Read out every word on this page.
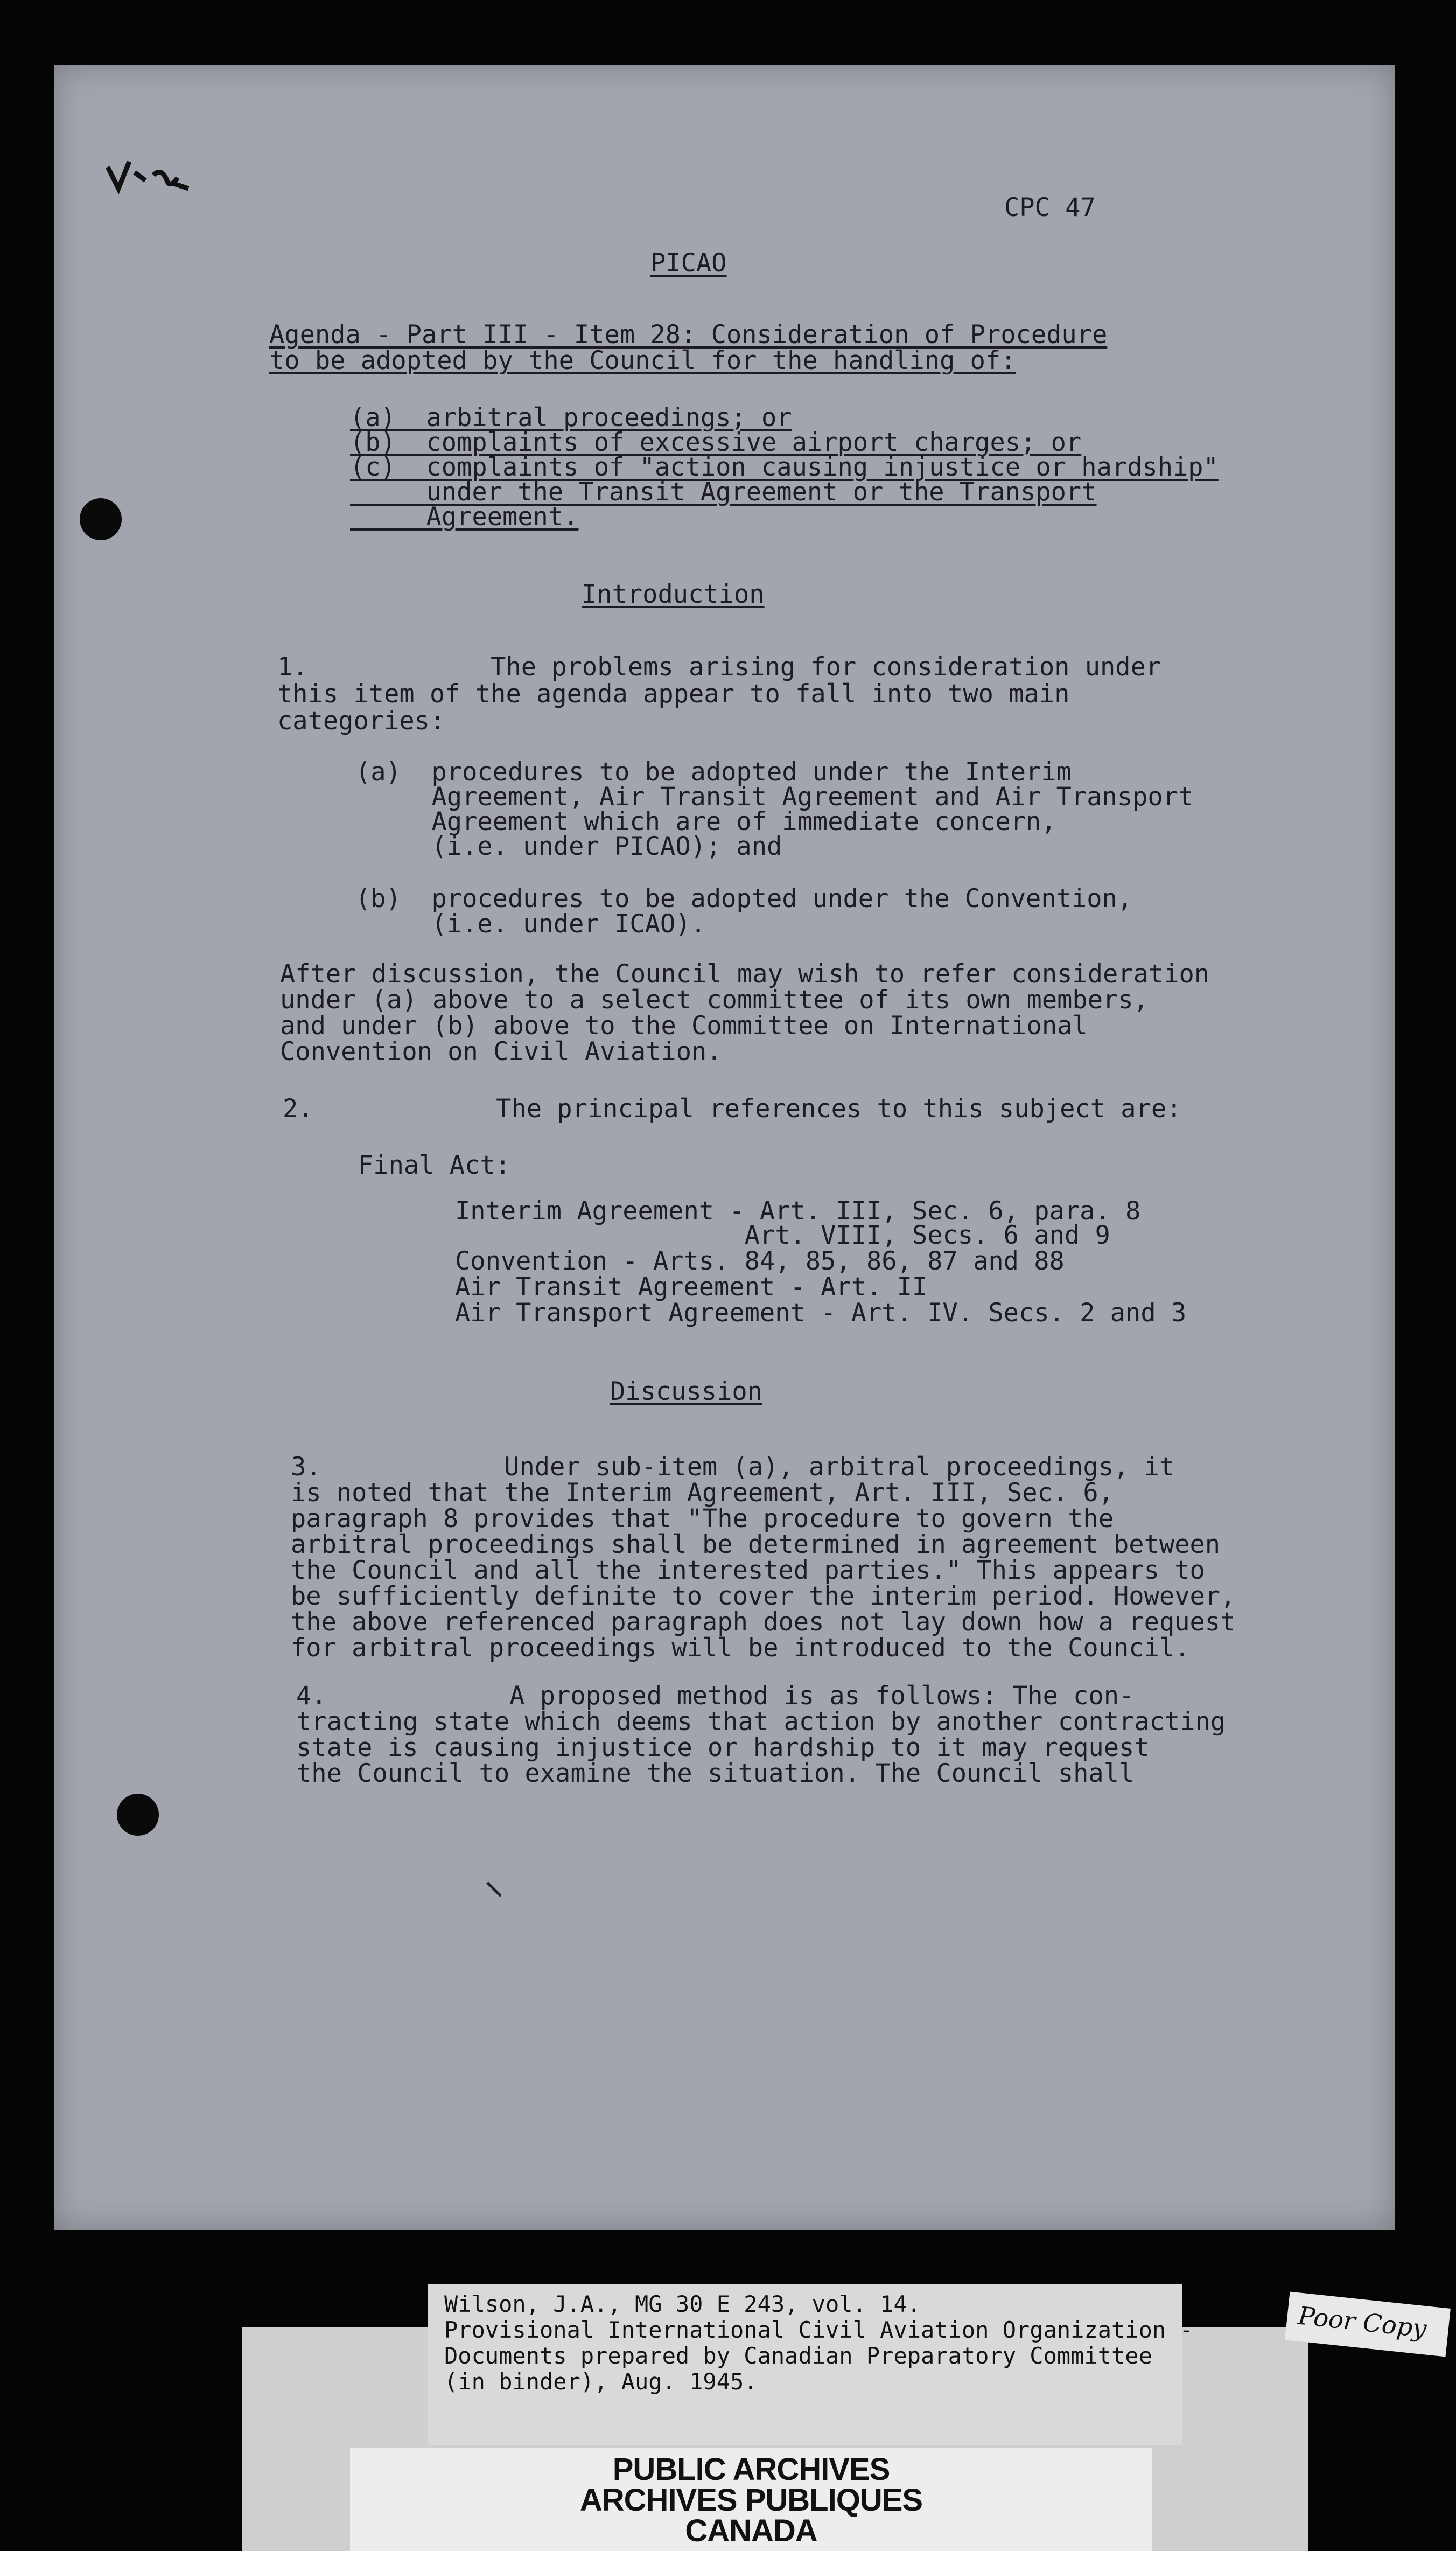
CPC 47
PICAO
Agenda - Part III - Item 28: Consideration of Procedure
to be adopted by the Council for the handling of:
(a)  arbitral proceedings; or
(b)  complaints of excessive airport charges; or
(c)  complaints of "action causing injustice or hardship"
under the Transit Agreement or the Transport
Agreement.
Introduction
1.            The problems arising for consideration under
this item of the agenda appear to fall into two main
categories:
(a)  procedures to be adopted under the Interim
Agreement, Air Transit Agreement and Air Transport
Agreement which are of immediate concern,
(i.e. under PICAO); and
(b)  procedures to be adopted under the Convention,
(i.e. under ICAO).
After discussion, the Council may wish to refer consideration
under (a) above to a select committee of its own members,
and under (b) above to the Committee on International
Convention on Civil Aviation.
2.            The principal references to this subject are:
Final Act:
Interim Agreement - Art. III, Sec. 6, para. 8
Art. VIII, Secs. 6 and 9
Convention - Arts. 84, 85, 86, 87 and 88
Air Transit Agreement - Art. II
Air Transport Agreement - Art. IV. Secs. 2 and 3
Discussion
3.            Under sub-item (a), arbitral proceedings, it
is noted that the Interim Agreement, Art. III, Sec. 6,
paragraph 8 provides that "The procedure to govern the
arbitral proceedings shall be determined in agreement between
the Council and all the interested parties." This appears to
be sufficiently definite to cover the interim period. However,
the above referenced paragraph does not lay down how a request
for arbitral proceedings will be introduced to the Council.
4.            A proposed method is as follows: The con-
tracting state which deems that action by another contracting
state is causing injustice or hardship to it may request
the Council to examine the situation. The Council shall
PUBLIC ARCHIVES
ARCHIVES PUBLIQUES
CANADA
Wilson, J.A., MG 30 E 243, vol. 14.
Provisional International Civil Aviation Organization -
Documents prepared by Canadian Preparatory Committee
(in binder), Aug. 1945.
Poor Copy
